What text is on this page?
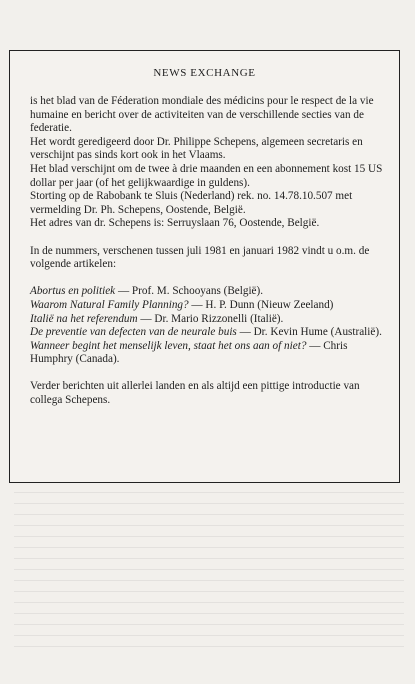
NEWS EXCHANGE

is het blad van de Féderation mondiale des médicins pour le respect de la vie humaine en bericht over de activiteiten van de verschillende secties van de federatie.

Het wordt geredigeerd door Dr. Philippe Schepens, algemeen secretaris en verschijnt pas sinds kort ook in het Vlaams.

Het blad verschijnt om de twee à drie maanden en een abonnement kost 15 US dollar per jaar (of het gelijkwaardige in guldens).

Storting op de Rabobank te Sluis (Nederland) rek. no. 14.78.10.507 met vermelding Dr. Ph. Schepens, Oostende, België.

Het adres van dr. Schepens is: Serruyslaan 76, Oostende, België.

In de nummers, verschenen tussen juli 1981 en januari 1982 vindt u o.m. de volgende artikelen:

Abortus en politiek — Prof. M. Schooyans (België).

Waarom Natural Family Planning? — H. P. Dunn (Nieuw Zeeland)

Italië na het referendum — Dr. Mario Rizzonelli (Italië).

De preventie van defecten van de neurale buis — Dr. Kevin Hume (Australië).

Wanneer begint het menselijk leven, staat het ons aan of niet? — Chris Humphry (Canada).

Verder berichten uit allerlei landen en als altijd een pittige introductie van collega Schepens.
